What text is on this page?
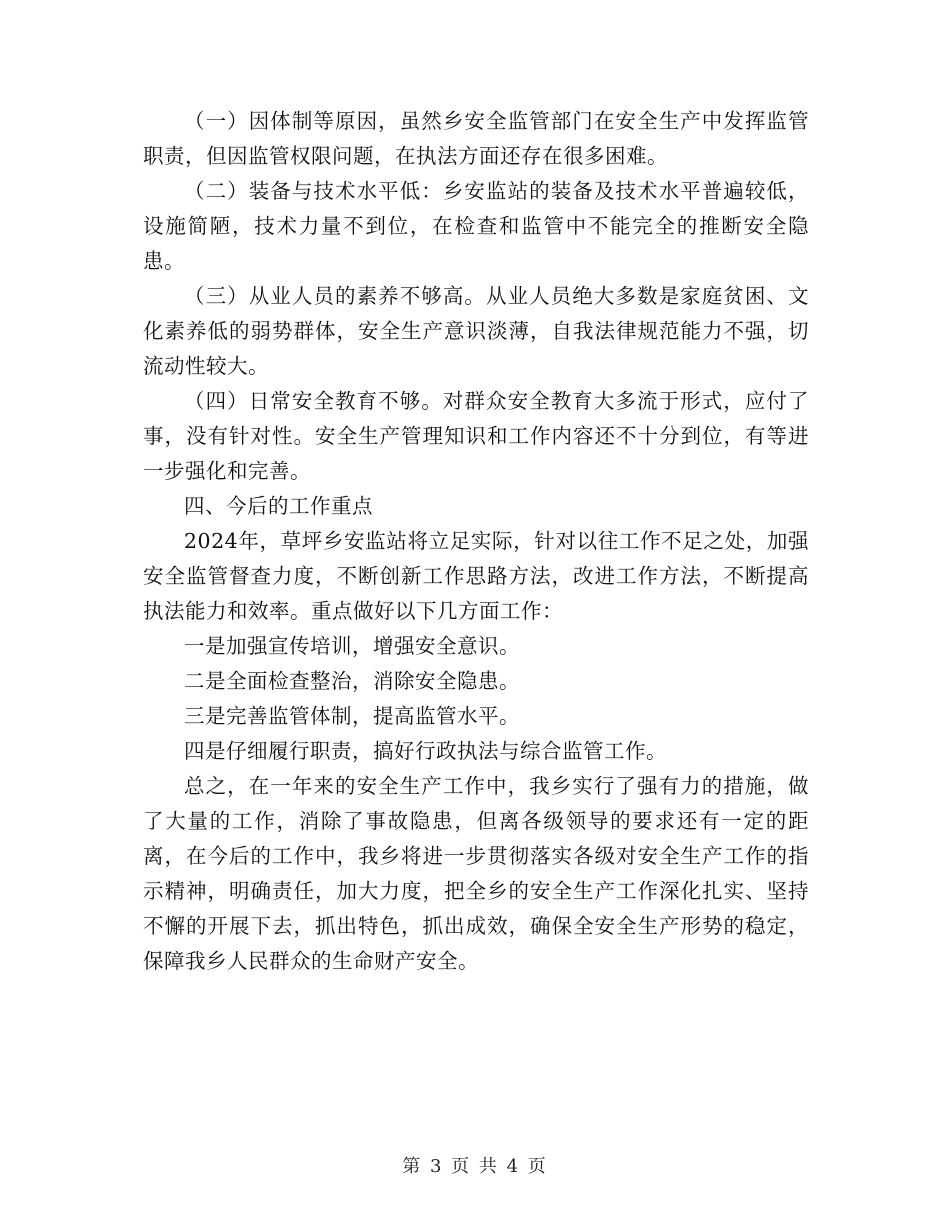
（一）因体制等原因，虽然乡安全监管部门在安全生产中发挥监管职责，但因监管权限问题，在执法方面还存在很多困难。

（二）装备与技术水平低：乡安监站的装备及技术水平普遍较低，设施简陋，技术力量不到位，在检查和监管中不能完全的推断安全隐患。

（三）从业人员的素养不够高。从业人员绝大多数是家庭贫困、文化素养低的弱势群体，安全生产意识淡薄，自我法律规范能力不强，切流动性较大。

（四）日常安全教育不够。对群众安全教育大多流于形式，应付了事，没有针对性。安全生产管理知识和工作内容还不十分到位，有等进一步强化和完善。

四、今后的工作重点

2024年，草坪乡安监站将立足实际，针对以往工作不足之处，加强安全监管督查力度，不断创新工作思路方法，改进工作方法，不断提高执法能力和效率。重点做好以下几方面工作：

一是加强宣传培训，增强安全意识。

二是全面检查整治，消除安全隐患。

三是完善监管体制，提高监管水平。

四是仔细履行职责，搞好行政执法与综合监管工作。

总之，在一年来的安全生产工作中，我乡实行了强有力的措施，做了大量的工作，消除了事故隐患，但离各级领导的要求还有一定的距离，在今后的工作中，我乡将进一步贯彻落实各级对安全生产工作的指示精神，明确责任，加大力度，把全乡的安全生产工作深化扎实、坚持不懈的开展下去，抓出特色，抓出成效，确保全安全生产形势的稳定，保障我乡人民群众的生命财产安全。

第 3 页 共 4 页
